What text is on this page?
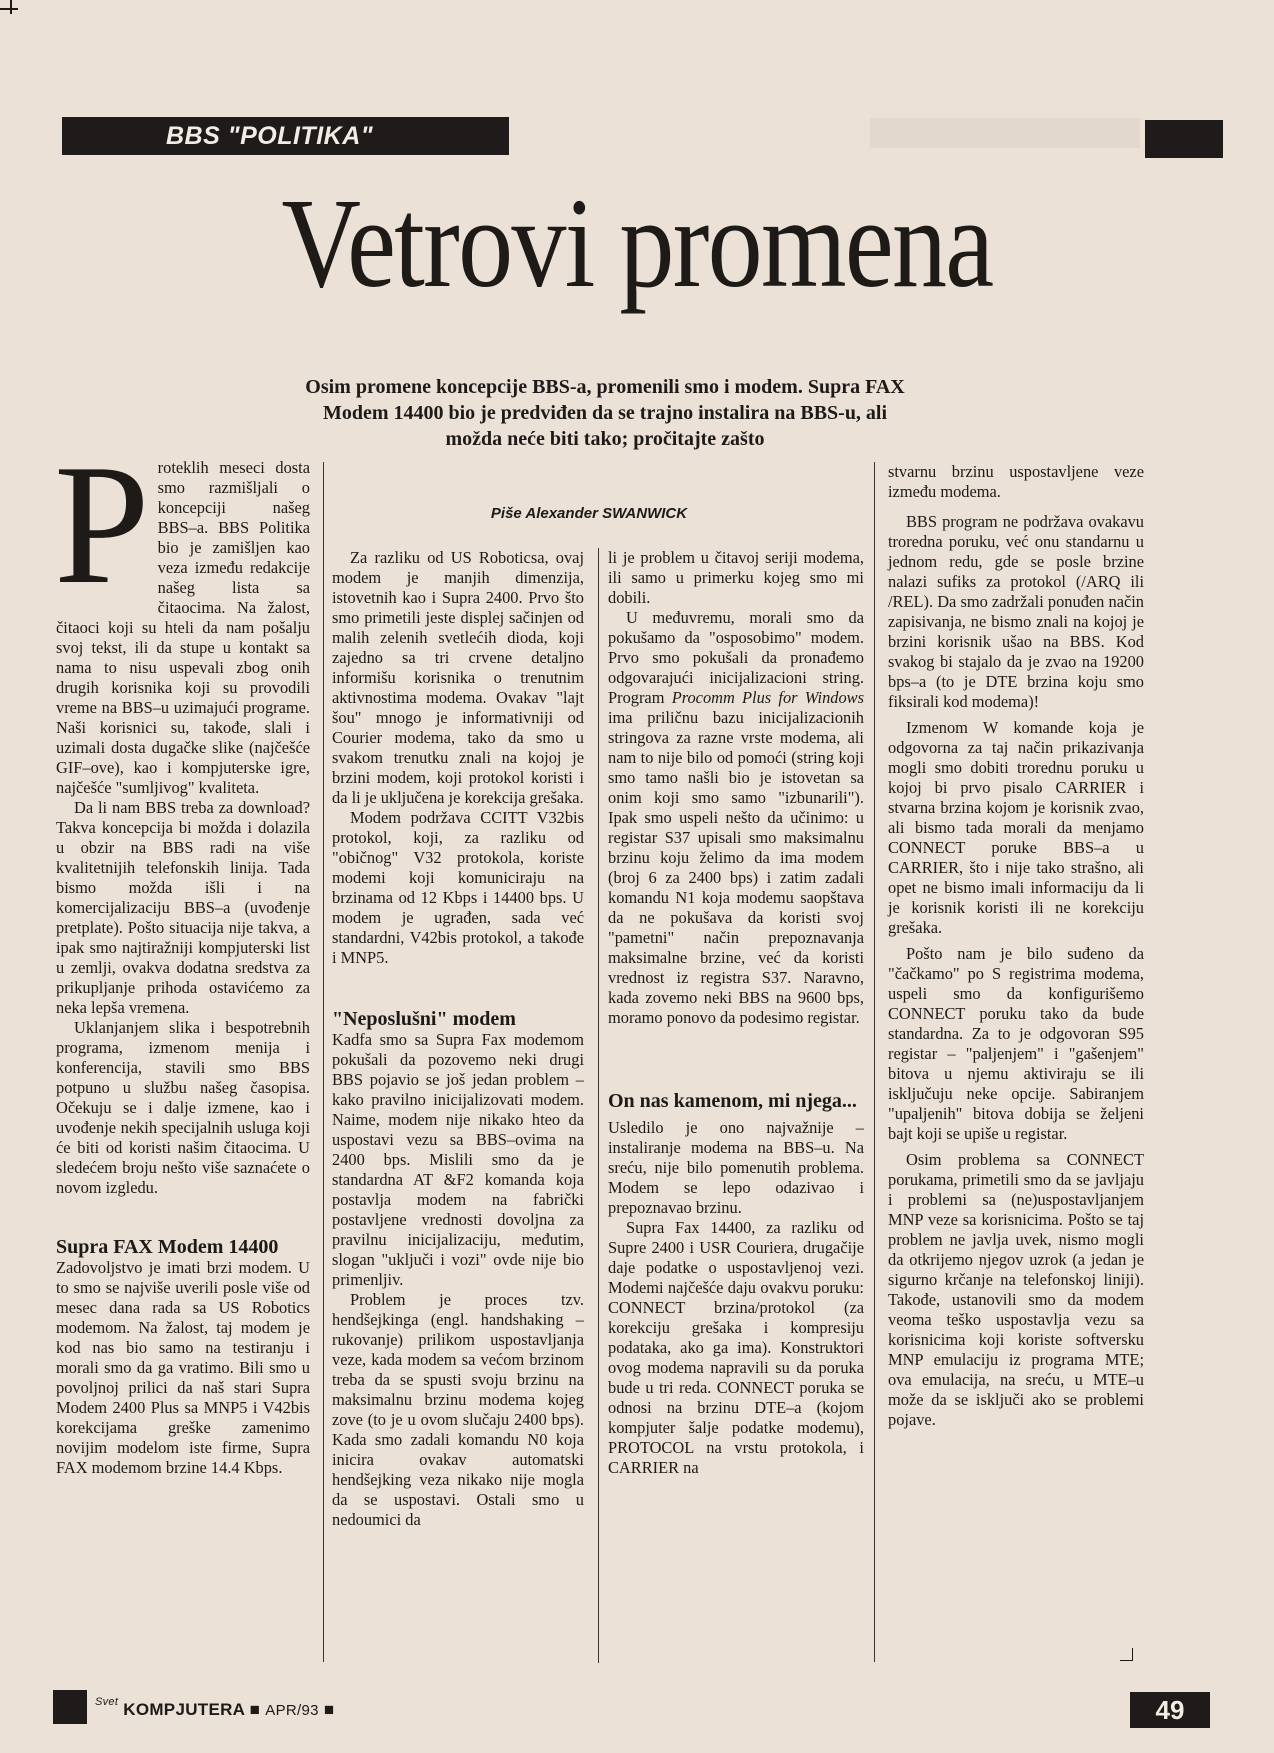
BBS "POLITIKA"
Vetrovi promena
Osim promene koncepcije BBS-a, promenili smo i modem. Supra FAX Modem 14400 bio je predviđen da se trajno instalira na BBS-u, ali možda neće biti tako; pročitajte zašto
Piše Alexander SWANWICK
P roteklih meseci dosta smo razmišljali o koncepciji našeg BBS–a. BBS Politika bio je zamišljen kao veza između redakcije našeg lista sa čitaocima. Na žalost, čitaoci koji su hteli da nam pošalju svoj tekst, ili da stupe u kontakt sa nama to nisu uspevali zbog onih drugih korisnika koji su provodili vreme na BBS–u uzimajući programe. Naši korisnici su, takođe, slali i uzimali dosta dugačke slike (najčešće GIF–ove), kao i kompjuterske igre, najčešće "sumljivog" kvaliteta.

Da li nam BBS treba za download? Takva koncepcija bi možda i dolazila u obzir na BBS radi na više kvalitetnijih telefonskih linija. Tada bismo možda išli i na komercijalizaciju BBS–a (uvođenje pretplate). Pošto situacija nije takva, a ipak smo najtiražniji kompjuterski list u zemlji, ovakva dodatna sredstva za prikupljanje prihoda ostavićemo za neka lepša vremena.

Uklanjanjem slika i bespotrebnih programa, izmenom menija i konferencija, stavili smo BBS potpuno u službu našeg časopisa. Očekuju se i dalje izmene, kao i uvođenje nekih specijalnih usluga koji će biti od koristi našim čitaocima. U sledećem broju nešto više saznaćete o novom izgledu.

Supra FAX Modem 14400

Zadovoljstvo je imati brzi modem. U to smo se najviše uverili posle više od mesec dana rada sa US Robotics modemom. Na žalost, taj modem je kod nas bio samo na testiranju i morali smo da ga vratimo. Bili smo u povoljnoj prilici da naš stari Supra Modem 2400 Plus sa MNP5 i V42bis korekcijama greške zamenimo novijim modelom iste firme, Supra FAX modemom brzine 14.4 Kbps.

Za razliku od US Roboticsa, ovaj modem je manjih dimenzija, istovetnih kao i Supra 2400. Prvo što smo primetili jeste displej sačinjen od malih zelenih svetlećih dioda, koji zajedno sa tri crvene detaljno informišu korisnika o trenutnim aktivnostima modema. Ovakav "lajt šou" mnogo je informativniji od Courier modema, tako da smo u svakom trenutku znali na kojoj je brzini modem, koji protokol koristi i da li je uključena je korekcija grešaka.

Modem podržava CCITT V32bis protokol, koji, za razliku od "običnog" V32 protokola, koriste modemi koji komuniciraju na brzinama od 12 Kbps i 14400 bps. U modem je ugrađen, sada već standardni, V42bis protokol, a takođe i MNP5.

"Neposlušni" modem

Kadfa smo sa Supra Fax modemom pokušali da pozovemo neki drugi BBS pojavio se još jedan problem – kako pravilno inicijalizovati modem. Naime, modem nije nikako hteo da uspostavi vezu sa BBS–ovima na 2400 bps. Mislili smo da je standardna AT &F2 komanda koja postavlja modem na fabrički postavljene vrednosti dovoljna za pravilnu inicijalizaciju, međutim, slogan "uključi i vozi" ovde nije bio primenljiv.

Problem je proces tzv. hendšejkinga (engl. handshaking – rukovanje) prilikom uspostavljanja veze, kada modem sa većom brzinom treba da se spusti svoju brzinu na maksimalnu brzinu modema kojeg zove (to je u ovom slučaju 2400 bps). Kada smo zadali komandu N0 koja inicira ovakav automatski hendšejking veza nikako nije mogla da se uspostavi. Ostali smo u nedoumici da

li je problem u čitavoj seriji modema, ili samo u primerku kojeg smo mi dobili.

U međuvremu, morali smo da pokušamo da "osposobimo" modem. Prvo smo pokušali da pronađemo odgovarajući inicijalizacioni string. Program Procomm Plus for Windows ima priličnu bazu inicijalizacionih stringova za razne vrste modema, ali nam to nije bilo od pomoći (string koji smo tamo našli bio je istovetan sa onim koji smo samo "izbunarili"). Ipak smo uspeli nešto da učinimo: u registar S37 upisali smo maksimalnu brzinu koju želimo da ima modem (broj 6 za 2400 bps) i zatim zadali komandu N1 koja modemu saopštava da ne pokušava da koristi svoj "pametni" način prepoznavanja maksimalne brzine, već da koristi vrednost iz registra S37. Naravno, kada zovemo neki BBS na 9600 bps, moramo ponovo da podesimo registar.

On nas kamenom, mi njega...

Usledilo je ono najvažnije – instaliranje modema na BBS–u. Na sreću, nije bilo pomenutih problema. Modem se lepo odazivao i prepoznavao brzinu.

Supra Fax 14400, za razliku od Supre 2400 i USR Couriera, drugačije daje podatke o uspostavljenoj vezi. Modemi najčešće daju ovakvu poruku: CONNECT brzina/protokol (za korekciju grešaka i kompresiju podataka, ako ga ima). Konstruktori ovog modema napravili su da poruka bude u tri reda. CONNECT poruka se odnosi na brzinu DTE–a (kojom kompjuter šalje podatke modemu), PROTOCOL na vrstu protokola, i CARRIER na

stvarnu brzinu uspostavljene veze između modema.

BBS program ne podržava ovakavu troredna poruku, već onu standarnu u jednom redu, gde se posle brzine nalazi sufiks za protokol (/ARQ ili /REL). Da smo zadržali ponuđen način zapisivanja, ne bismo znali na kojoj je brzini korisnik ušao na BBS. Kod svakog bi stajalo da je zvao na 19200 bps–a (to je DTE brzina koju smo fiksirali kod modema)!

Izmenom W komande koja je odgovorna za taj način prikazivanja mogli smo dobiti trorednu poruku u kojoj bi prvo pisalo CARRIER i stvarna brzina kojom je korisnik zvao, ali bismo tada morali da menjamo CONNECT poruke BBS–a u CARRIER, što i nije tako strašno, ali opet ne bismo imali informaciju da li je korisnik koristi ili ne korekciju grešaka.

Pošto nam je bilo suđeno da "čačkamo" po S registrima modema, uspeli smo da konfigurišemo CONNECT poruku tako da bude standardna. Za to je odgovoran S95 registar – "paljenjem" i "gašenjem" bitova u njemu aktiviraju se ili isključuju neke opcije. Sabiranjem "upaljenih" bitova dobija se željeni bajt koji se upiše u registar.

Osim problema sa CONNECT porukama, primetili smo da se javljaju i problemi sa (ne)uspostavljanjem MNP veze sa korisnicima. Pošto se taj problem ne javlja uvek, nismo mogli da otkrijemo njegov uzrok (a jedan je sigurno krčanje na telefonskoj liniji). Takođe, ustanovili smo da modem veoma teško uspostavlja vezu sa korisnicima koji koriste softversku MNP emulaciju iz programa MTE; ova emulacija, na sreću, u MTE–u može da se isključi ako se problemi pojave.

$^{Svet}$ KOMPJUTERA ■ APR/93 ■	49
